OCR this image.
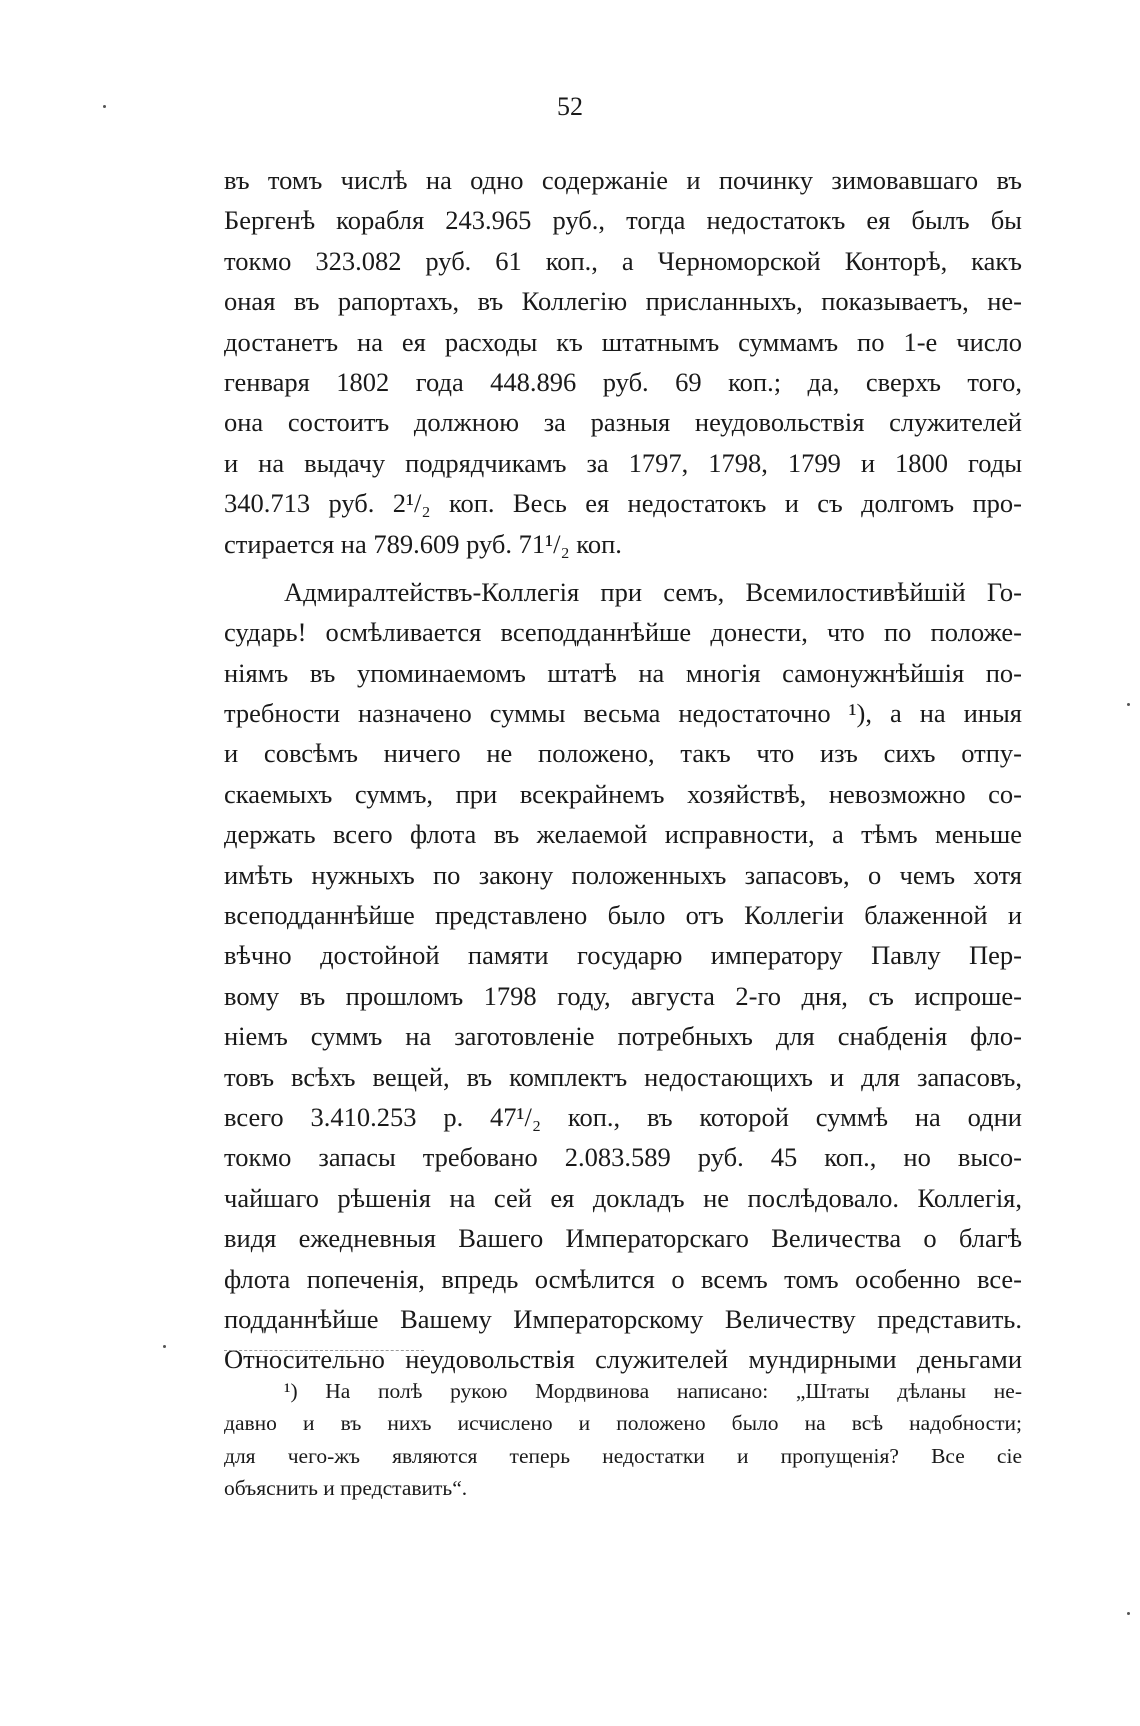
52
въ томъ числѣ на одно содержаніе и починку зимовавшаго въ
Бергенѣ корабля 243.965 руб., тогда недостатокъ ея былъ бы
токмо 323.082 руб. 61 коп., а Черноморской Конторѣ, какъ
оная въ рапортахъ, въ Коллегію присланныхъ, показываетъ, не-
достанетъ на ея расходы къ штатнымъ суммамъ по 1-е число
генваря 1802 года 448.896 руб. 69 коп.; да, сверхъ того,
она состоитъ должною за разныя неудовольствія служителей
и на выдачу подрядчикамъ за 1797, 1798, 1799 и 1800 годы
340.713 руб. 2¹/₂ коп. Весь ея недостатокъ и съ долгомъ про-
стирается на 789.609 руб. 71¹/₂ коп.
Адмиралтействъ-Коллегія при семъ, Всемилостивѣйшій Го-
сударь! осмѣливается всеподданнѣйше донести, что по положе-
ніямъ въ упоминаемомъ штатѣ на многія самонужнѣйшія по-
требности назначено суммы весьма недостаточно ¹), а на иныя
и совсѣмъ ничего не положено, такъ что изъ сихъ отпу-
скаемыхъ суммъ, при всекрайнемъ хозяйствѣ, невозможно со-
держать всего флота въ желаемой исправности, а тѣмъ меньше
имѣть нужныхъ по закону положенныхъ запасовъ, о чемъ хотя
всеподданнѣйше представлено было отъ Коллегіи блаженной и
вѣчно достойной памяти государю императору Павлу Пер-
вому въ прошломъ 1798 году, августа 2-го дня, съ испроше-
ніемъ суммъ на заготовленіе потребныхъ для снабденія фло-
товъ всѣхъ вещей, въ комплектъ недостающихъ и для запасовъ,
всего 3.410.253 р. 47¹/₂ коп., въ которой суммѣ на одни
токмо запасы требовано 2.083.589 руб. 45 коп., но высо-
чайшаго рѣшенія на сей ея докладъ не послѣдовало. Коллегія,
видя ежедневныя Вашего Императорскаго Величества о благѣ
флота попеченія, впредь осмѣлится о всемъ томъ особенно все-
подданнѣйше Вашему Императорскому Величеству представить.
Относительно неудовольствія служителей мундирными деньгами
¹) На полѣ рукою Мордвинова написано: „Штаты дѣланы не-
давно и въ нихъ исчислено и положено было на всѣ надобности;
для чего-жъ являются теперь недостатки и пропущенія? Все сіе
объяснить и представить“.
